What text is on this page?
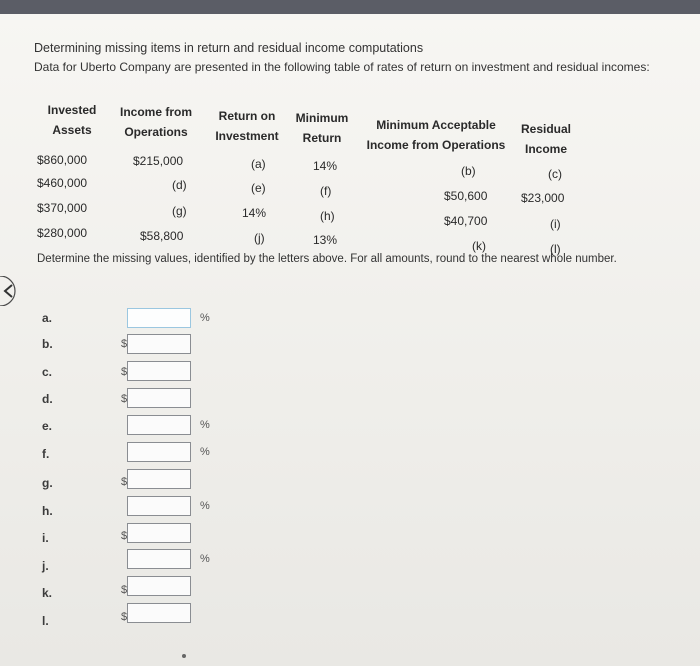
Determining missing items in return and residual income computations
Data for Uberto Company are presented in the following table of rates of return on investment and residual incomes:
Invested
Assets
Income from
Operations
Return on
Investment
Minimum
Return
Minimum Acceptable
Income from Operations
Residual
Income
$860,000	$215,000	(a)	14%	(b)	(c)
$460,000	(d)	(e)	(f)	$50,600	$23,000
$370,000	(g)	14%	(h)	$40,700	(i)
$280,000	$58,800	(j)	13%	(k)	(l)
Determine the missing values, identified by the letters above. For all amounts, round to the nearest whole number.
a.	%
b.	$
c.	$
d.	$
e.	%
f.	%
g.	$
h.	%
i.	$
j.	%
k.	$
l.	$
